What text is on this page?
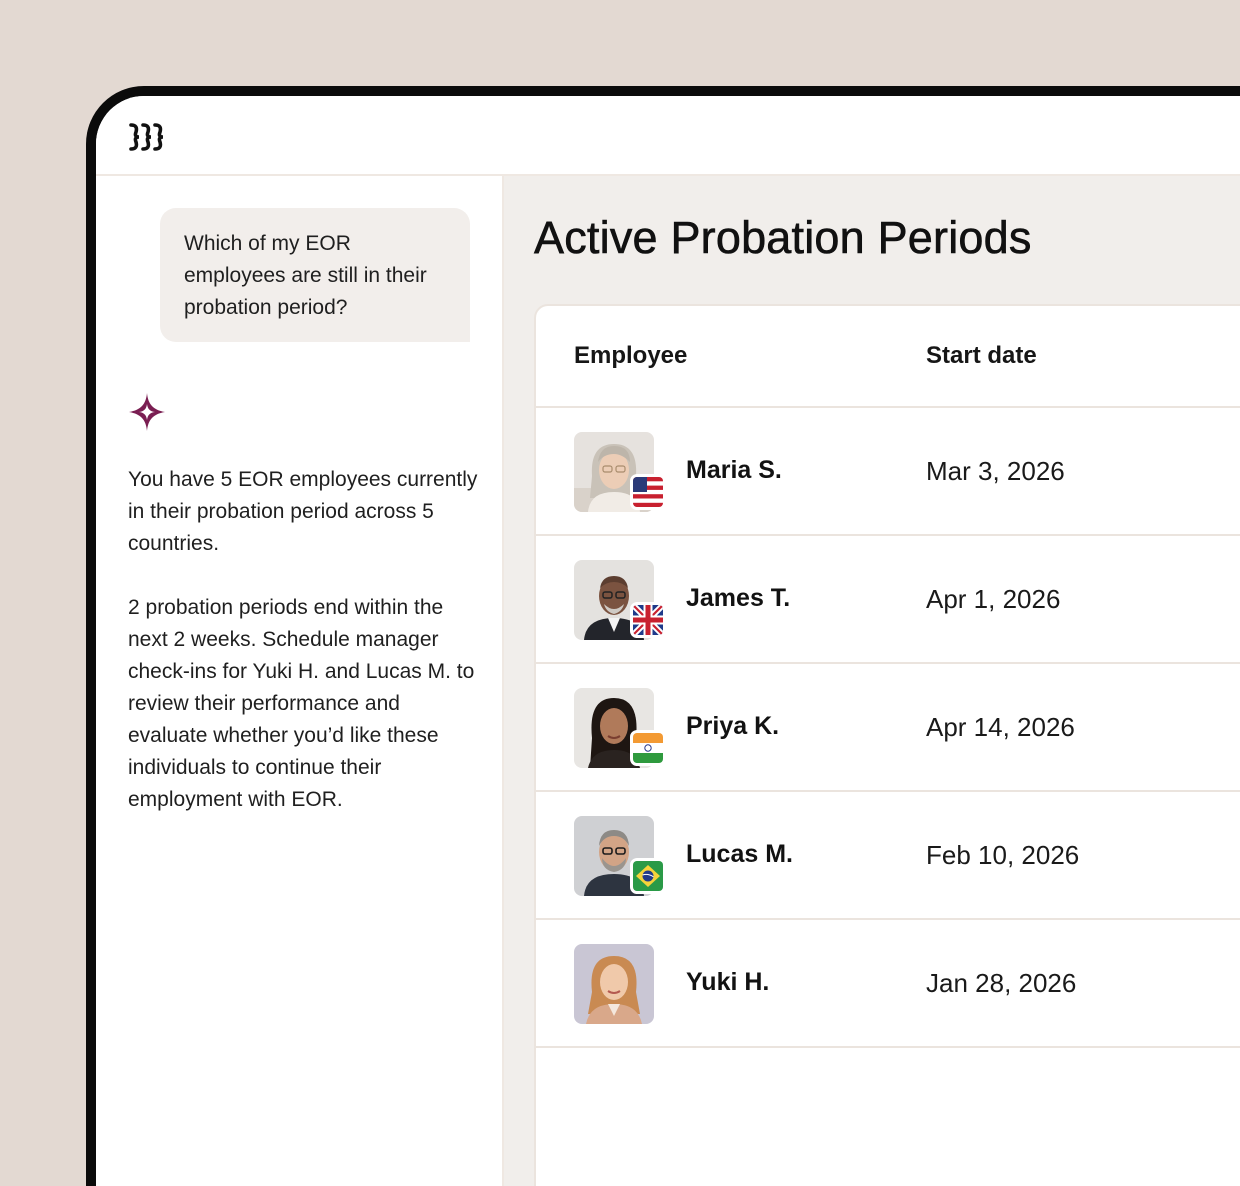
Which of my EOR employees are still in their probation period?

You have 5 EOR employees currently in their probation period across 5 countries.

2 probation periods end within the next 2 weeks. Schedule manager check-ins for Yuki H. and Lucas M. to review their performance and evaluate whether you’d like these individuals to continue their employment with EOR.

Active Probation Periods
Employee	Start date
Maria S.	Mar 3, 2026
James T.	Apr 1, 2026
Priya K.	Apr 14, 2026
Lucas M.	Feb 10, 2026
Yuki H.	Jan 28, 2026
